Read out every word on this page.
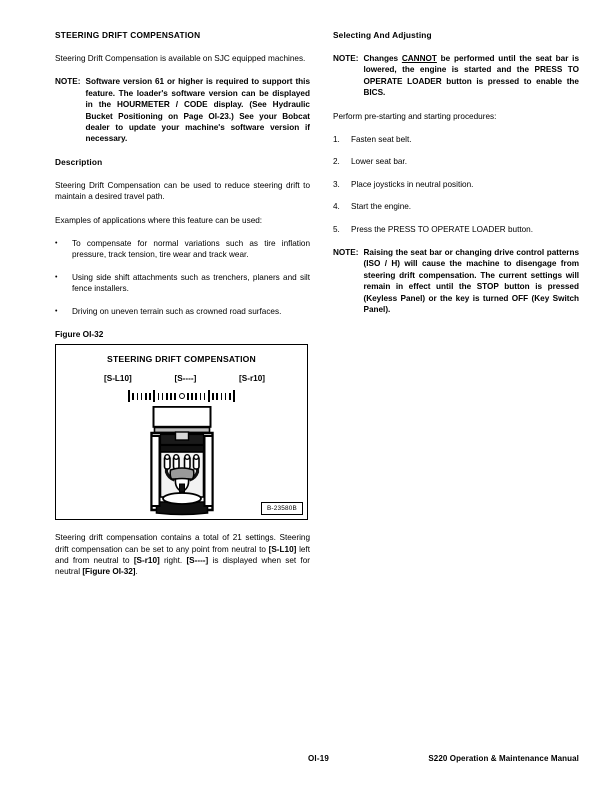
STEERING DRIFT COMPENSATION

Steering Drift Compensation is available on SJC equipped machines.

NOTE: Software version 61 or higher is required to support this feature. The loader's software version can be displayed in the HOURMETER / CODE display. (See Hydraulic Bucket Positioning on Page OI-23.) See your Bobcat dealer to update your machine's software version if necessary.
Description

Steering Drift Compensation can be used to reduce steering drift to maintain a desired travel path.

Examples of applications where this feature can be used:

•	To compensate for normal variations such as tire inflation pressure, track tension, tire wear and track wear.
•	Using side shift attachments such as trenchers, planers and silt fence installers.
•	Driving on uneven terrain such as crowned road surfaces.
Figure OI-32
STEERING DRIFT COMPENSATION
[S-L10]	[S----]	[S-r10]
B-23580B

Steering drift compensation contains a total of 21 settings. Steering drift compensation can be set to any point from neutral to [S-L10] left and from neutral to [S-r10] right. [S----] is displayed when set for neutral [Figure OI-32].

Selecting And Adjusting
NOTE: Changes CANNOT be performed until the seat bar is lowered, the engine is started and the PRESS TO OPERATE LOADER button is pressed to enable the BICS.

Perform pre-starting and starting procedures:

1.	Fasten seat belt.
2.	Lower seat bar.
3.	Place joysticks in neutral position.
4.	Start the engine.
5.	Press the PRESS TO OPERATE LOADER button.
NOTE: Raising the seat bar or changing drive control patterns (ISO / H) will cause the machine to disengage from steering drift compensation. The current settings will remain in effect until the STOP button is pressed (Keyless Panel) or the key is turned OFF (Key Switch Panel).
OI-19	S220 Operation & Maintenance Manual
